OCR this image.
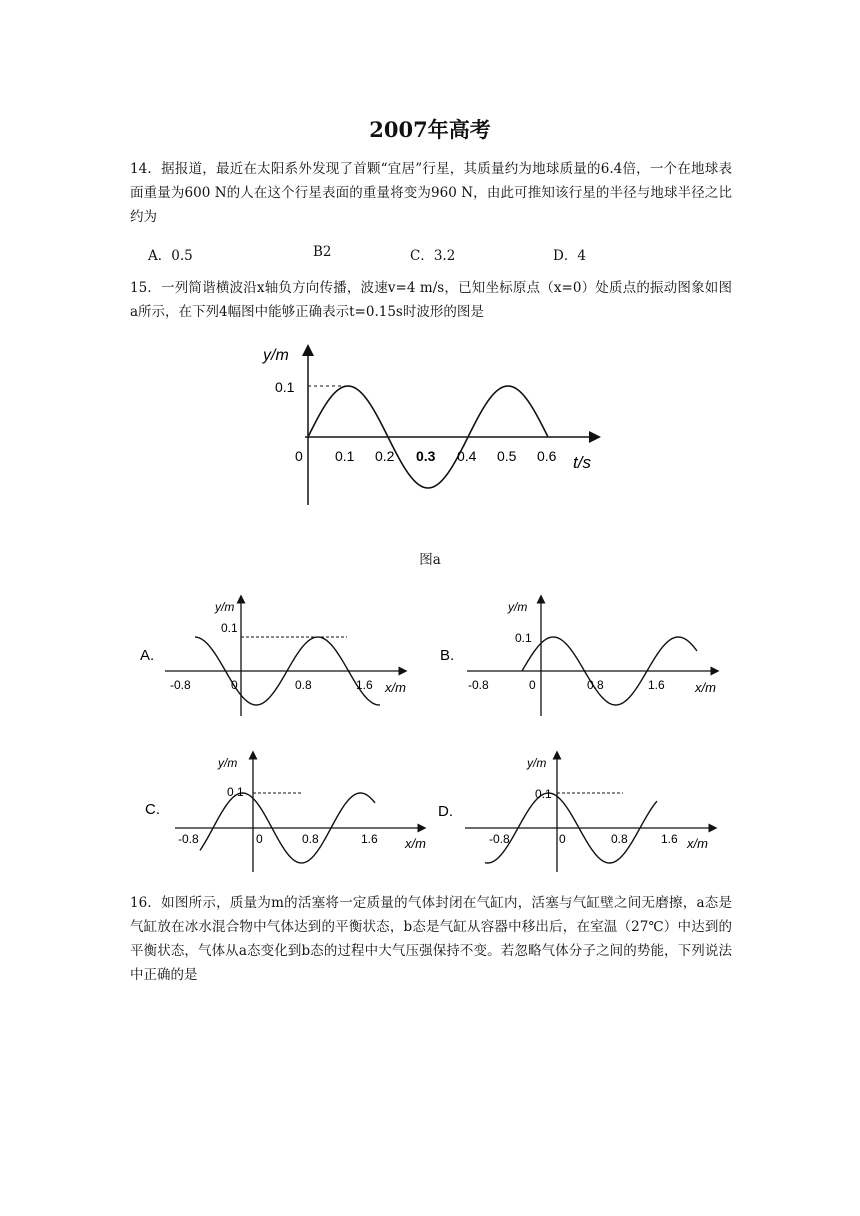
2007年高考
14．据报道，最近在太阳系外发现了首颗“宜居”行星，其质量约为地球质量的6.4倍，一个在地球表面重量为600 N的人在这个行星表面的重量将变为960 N，由此可推知该行星的半径与地球半径之比约为
A．0.5	B2	C．3.2	D．4
15．一列简谐横波沿x轴负方向传播，波速v=4 m/s，已知坐标原点（x=0）处质点的振动图象如图a所示，在下列4幅图中能够正确表示t=0.15s时波形的图是
y/m
0.1
0 0.1 0.2 0.3 0.4 0.5 0.6 t/s
图a
A.
y/m
0.1
-0.8	0	0.8	1.6 x/m
B.
y/m
0.1
-0.8	0	0.8	1.6 x/m
C.
y/m
0.1
-0.8	0	0.8	1.6 x/m
D.
y/m
0.1
-0.8	0	0.8	1.6 x/m
16．如图所示，质量为m的活塞将一定质量的气体封闭在气缸内，活塞与气缸壁之间无磨擦，a态是气缸放在冰水混合物中气体达到的平衡状态，b态是气缸从容器中移出后，在室温（27℃）中达到的平衡状态，气体从a态变化到b态的过程中大气压强保持不变。若忽略气体分子之间的势能，下列说法中正确的是
